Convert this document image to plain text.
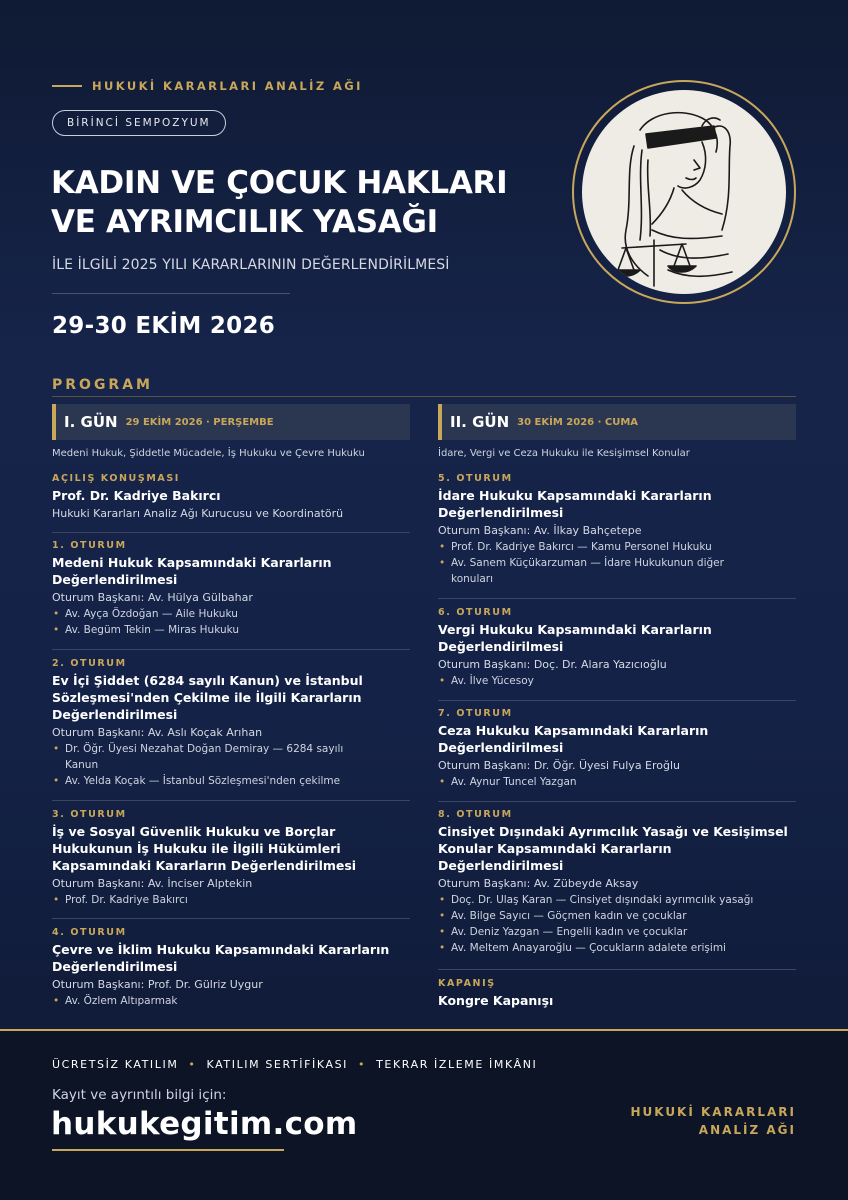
HUKUKİ KARARLARI ANALİZ AĞI
BİRİNCİ SEMPOZYUM
KADIN VE ÇOCUK HAKLARI
VE AYRIMCILIK YASAĞI
İLE İLGİLİ 2025 YILI KARARLARININ DEĞERLENDİRİLMESİ
29-30 EKİM 2026
PROGRAM
I. GÜN 29 EKİM 2026 · PERŞEMBE	II. GÜN 30 EKİM 2026 · CUMA
Medeni Hukuk, Şiddetle Mücadele, İş Hukuku ve Çevre Hukuku	İdare, Vergi ve Ceza Hukuku ile Kesişimsel Konular
AÇILIŞ KONUŞMASI
Prof. Dr. Kadriye Bakırcı
Hukuki Kararları Analiz Ağı Kurucusu ve Koordinatörü
1. OTURUM
Medeni Hukuk Kapsamındaki Kararların
Değerlendirilmesi
Oturum Başkanı: Av. Hülya Gülbahar
• Av. Ayça Özdoğan — Aile Hukuku
• Av. Begüm Tekin — Miras Hukuku
2. OTURUM
Ev İçi Şiddet (6284 sayılı Kanun) ve İstanbul
Sözleşmesi'nden Çekilme ile İlgili Kararların
Değerlendirilmesi
Oturum Başkanı: Av. Aslı Koçak Arıhan
• Dr. Öğr. Üyesi Nezahat Doğan Demiray — 6284 sayılı
Kanun
• Av. Yelda Koçak — İstanbul Sözleşmesi'nden çekilme
3. OTURUM
İş ve Sosyal Güvenlik Hukuku ve Borçlar
Hukukunun İş Hukuku ile İlgili Hükümleri
Kapsamındaki Kararların Değerlendirilmesi
Oturum Başkanı: Av. İnciser Alptekin
• Prof. Dr. Kadriye Bakırcı
4. OTURUM
Çevre ve İklim Hukuku Kapsamındaki Kararların
Değerlendirilmesi
Oturum Başkanı: Prof. Dr. Gülriz Uygur
• Av. Özlem Altıparmak
5. OTURUM
İdare Hukuku Kapsamındaki Kararların
Değerlendirilmesi
Oturum Başkanı: Av. İlkay Bahçetepe
• Prof. Dr. Kadriye Bakırcı — Kamu Personel Hukuku
• Av. Sanem Küçükarzuman — İdare Hukukunun diğer
konuları
6. OTURUM
Vergi Hukuku Kapsamındaki Kararların
Değerlendirilmesi
Oturum Başkanı: Doç. Dr. Alara Yazıcıoğlu
• Av. İlve Yücesoy
7. OTURUM
Ceza Hukuku Kapsamındaki Kararların
Değerlendirilmesi
Oturum Başkanı: Dr. Öğr. Üyesi Fulya Eroğlu
• Av. Aynur Tuncel Yazgan
8. OTURUM
Cinsiyet Dışındaki Ayrımcılık Yasağı ve Kesişimsel
Konular Kapsamındaki Kararların
Değerlendirilmesi
Oturum Başkanı: Av. Zübeyde Aksay
• Doç. Dr. Ulaş Karan — Cinsiyet dışındaki ayrımcılık yasağı
• Av. Bilge Sayıcı — Göçmen kadın ve çocuklar
• Av. Deniz Yazgan — Engelli kadın ve çocuklar
• Av. Meltem Anayaroğlu — Çocukların adalete erişimi
KAPANIŞ
Kongre Kapanışı
ÜCRETSİZ KATILIM • KATILIM SERTİFİKASI • TEKRAR İZLEME İMKÂNI
Kayıt ve ayrıntılı bilgi için:
hukukegitim.com	HUKUKİ KARARLARI
ANALİZ AĞI
